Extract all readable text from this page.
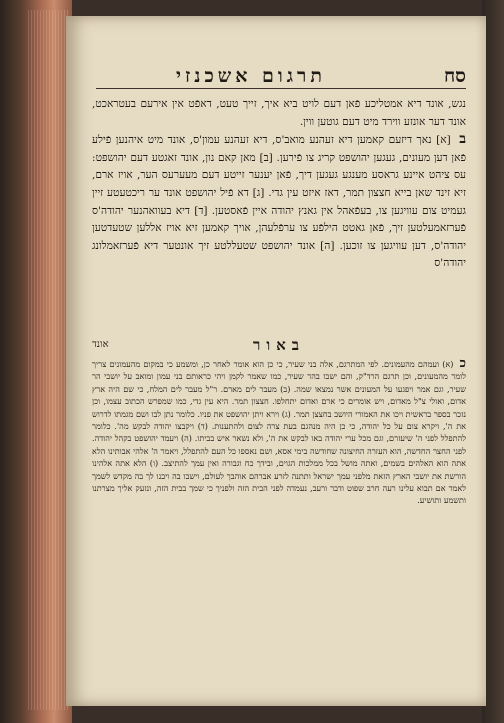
סח
תרגום אשכנזי

נגש, אונד דיא אמטליכע פֿאן דעם לויט ביא איך, זייך טעט, דאפֿט אין אירעם בעטראכט, אונד דער אונזע ווירד מיט דעם גוטען ווין.

ב [א] נאך דיזעם קאמען דיא זעהנע מואב'ס, דיא זעהנע עמון'ס, אונד מיט איהנען פֿילע פֿאן דען מעונים, געגען יהושפט קריג צו פֿירען. [ב] מאן קאם נון, אונד זאגטע דעם יהושפט: עס ציהט איינע גראסע מענגע געגען דיך, פֿאן יענער זייטע דעם מעערעס הער, אויז ארם, זיא זינד שאן בייא חצצון תמר, דאז איזט עין גדי. [ג] דא פֿיל יהושפט אונד ער ריכטעטע זיין געמיט צום עוויגען צו, בעפֿאהל אין גאנץ יהודה איין פֿאסטען. [ד] דיא בעוואהנער יהודה'ס פֿערזאמעלטען זיך, פֿאן גאטט הילפֿע צו ערפֿלעהן, אויך קאמען זיא אויז אללען שטעדטען יהודה'ס, דען עוויגען צו זוכען. [ה] אונד יהושפט שטעללטע זיך אונטער דיא פֿערזאמלונג יהודה'ס

באור
אונד

כ (א) ועמהם מהעמונים. לפי המתרגם, אלה בני שעיר, כי כן הוא אומר לאחר כן, ומשמע כי במקום מהעמונים צריך לומר מהמעונים, וכן תרגם הרד"ק, והם ישבו בהר שעיר, כמו שאמר לקמן ויהי כראותם בני עמון ומואב על יושבי הר שעיר, וגם אמר ויפגעו על המעונים אשר נמצאו שמה. (ב) מעבר לים מארם. ר"ל מעבר לים המלח, כי שם היה ארץ אדום, ואולי צ"ל מאדום, ויש אומרים כי ארם ואדום יתחלפו. חצצון תמר. היא עין גדי, כמו שמפרש הכתוב עצמו, וכן נזכר בספר בראשית ויכו את האמורי היושב בחצצן תמר. (ג) וירא ויתן יהושפט את פניו. כלומר נתן לבו ושם מגמתו לדרוש את ה', ויקרא צום על כל יהודה, כי כן היה מנהגם בעת צרה לצום ולהתענות. (ד) ויקבצו יהודה לבקש מה'. כלומר להתפלל לפני ה' שיעזרם, וגם מכל ערי יהודה באו לבקש את ה', ולא נשאר איש בביתו. (ה) ויעמד יהושפט בקהל יהודה. לפני החצר החדשה, הוא העזרה החיצונה שחודשה בימי אסא, ושם נאספו כל העם להתפלל, ויאמר ה' אלהי אבותינו הלא אתה הוא האלהים בשמים, ואתה מושל בכל ממלכות הגוים, ובידך כח וגבורה ואין עמך להתיצב. (ו) הלא אתה אלהינו הורשת את יושבי הארץ הזאת מלפני עמך ישראל ותתנה לזרע אברהם אוהבך לעולם, וישבו בה ויבנו לך בה מקדש לשמך לאמר אם תבוא עלינו רעה חרב שפוט ודבר ורעב, נעמדה לפני הבית הזה ולפניך כי שמך בבית הזה, ונזעק אליך מצרתנו ותשמע ותושיע.
